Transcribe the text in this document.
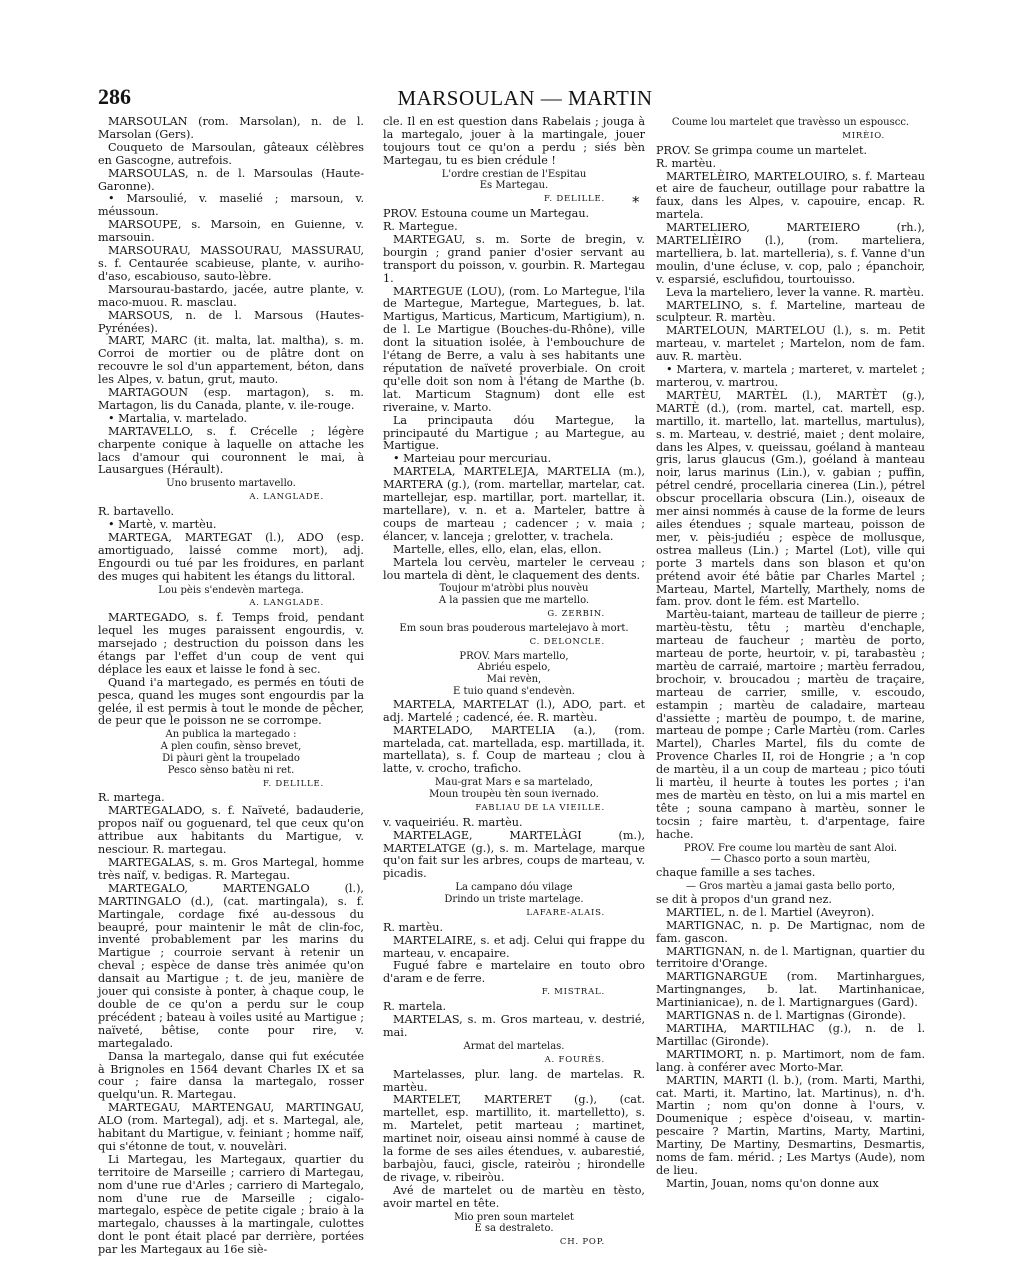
286	MARSOULAN — MARTIN
*

MARSOULAN (rom. Marsolan), n. de l. Marsolan (Gers).

Couqueto de Marsoulan, gâteaux célèbres en Gascogne, autrefois.

MARSOULAS, n. de l. Marsoulas (Haute-Garonne).

• Marsoulié, v. maselié ; marsoun, v. méussoun.

MARSOUPE, s. Marsoin, en Guienne, v. marsouin.

MARSOURAU, MASSOURAU, MASSURAU, s. f. Centaurée scabieuse, plante, v. auriho-d'aso, escabiouso, sauto-lèbre.

Marsourau-bastardo, jacée, autre plante, v. maco-muou. R. masclau.

MARSOUS, n. de l. Marsous (Hautes-Pyrénées).

MART, MARC (it. malta, lat. maltha), s. m. Corroi de mortier ou de plâtre dont on recouvre le sol d'un appartement, béton, dans les Alpes, v. batun, grut, mauto.

MARTAGOUN (esp. martagon), s. m. Martagon, lis du Canada, plante, v. ile-rouge.

• Martalia, v. martelado.

MARTAVELLO, s. f. Crécelle ; légère charpente conique à laquelle on attache les lacs d'amour qui couronnent le mai, à Lausargues (Hérault).

Uno brusento martavello.

A. LANGLADE.

R. bartavello.

• Martè, v. martèu.

MARTEGA, MARTEGAT (l.), ADO (esp. amortiguado, laissé comme mort), adj. Engourdi ou tué par les froidures, en parlant des muges qui habitent les étangs du littoral.

Lou pèis s'endevèn martega.

A. LANGLADE.

MARTEGADO, s. f. Temps froid, pendant lequel les muges paraissent engourdis, v. marsejado ; destruction du poisson dans les étangs par l'effet d'un coup de vent qui déplace les eaux et laisse le fond à sec.

Quand i'a martegado, es permés en tóuti de pesca, quand les muges sont engourdis par la gelée, il est permis à tout le monde de pêcher, de peur que le poisson ne se corrompe.

An publica la martegado :
A plen coufin, sènso brevet,
Di pàuri gènt la troupelado
Pesco sènso batèu ni ret.

F. DELILLE.

R. martega.

MARTEGALADO, s. f. Naïveté, badauderie, propos naïf ou goguenard, tel que ceux qu'on attribue aux habitants du Martigue, v. nesciour. R. martegau.

MARTEGALAS, s. m. Gros Martegal, homme très naïf, v. bedigas. R. Martegau.

MARTEGALO, MARTENGALO (l.), MARTINGALO (d.), (cat. martingala), s. f. Martingale, cordage fixé au-dessous du beaupré, pour maintenir le mât de clin-foc, inventé probablement par les marins du Martigue ; courroie servant à retenir un cheval ; espèce de danse très animée qu'on dansait au Martigue ; t. de jeu, manière de jouer qui consiste à ponter, à chaque coup, le double de ce qu'on a perdu sur le coup précédent ; bateau à voiles usité au Martigue ; naïveté, bêtise, conte pour rire, v. martegalado.

Dansa la martegalo, danse qui fut exécutée à Brignoles en 1564 devant Charles IX et sa cour ; faire dansa la martegalo, rosser quelqu'un. R. Martegau.

MARTEGAU, MARTENGAU, MARTINGAU, ALO (rom. Martegal), adj. et s. Martegal, ale, habitant du Martigue, v. feiniant ; homme naïf, qui s'étonne de tout, v. nouvelàri.

Li Martegau, les Martegaux, quartier du territoire de Marseille ; carriero di Martegau, nom d'une rue d'Arles ; carriero di Martegalo, nom d'une rue de Marseille ; cigalo-martegalo, espèce de petite cigale ; braio à la martegalo, chausses à la martingale, culottes dont le pont était placé par derrière, portées par les Martegaux au 16e siè-

cle. Il en est question dans Rabelais ; jouga à la martegalo, jouer à la martingale, jouer toujours tout ce qu'on a perdu ; siés bèn Martegau, tu es bien crédule !

L'ordre crestian de l'Espitau
Es Martegau.

F. DELILLE.

PROV. Estouna coume un Martegau.

R. Martegue.

MARTEGAU, s. m. Sorte de bregin, v. bourgin ; grand panier d'osier servant au transport du poisson, v. gourbin. R. Martegau 1.

MARTEGUE (LOU), (rom. Lo Martegue, l'ila de Martegue, Martegue, Martegues, b. lat. Martigus, Marticus, Marticum, Martigium), n. de l. Le Martigue (Bouches-du-Rhône), ville dont la situation isolée, à l'embouchure de l'étang de Berre, a valu à ses habitants une réputation de naïveté proverbiale. On croit qu'elle doit son nom à l'étang de Marthe (b. lat. Marticum Stagnum) dont elle est riveraine, v. Marto.

La principauta dóu Martegue, la principauté du Martigue ; au Martegue, au Martigue.

• Marteiau pour mercuriau.

MARTELA, MARTELEJA, MARTELIA (m.), MARTERA (g.), (rom. martellar, martelar, cat. martellejar, esp. martillar, port. martellar, it. martellare), v. n. et a. Marteler, battre à coups de marteau ; cadencer ; v. maia ; élancer, v. lanceja ; grelotter, v. trachela.

Martelle, elles, ello, elan, elas, ellon.

Martela lou cervèu, marteler le cerveau ; lou martela di dènt, le claquement des dents.

Toujour m'atròbi plus nouvèu
A la passien que me martello.

G. ZERBIN.

Em soun bras pouderous martelejavo à mort.

C. DELONCLE.

PROV. Mars martello,
Abriéu espelo,
Mai revèn,
E tuio quand s'endevèn.

MARTELA, MARTELAT (l.), ADO, part. et adj. Martelé ; cadencé, ée. R. martèu.

MARTELADO, MARTELIA (a.), (rom. martelada, cat. martellada, esp. martillada, it. martellata), s. f. Coup de marteau ; clou à latte, v. crocho, traficho.

Mau-grat Mars e sa martelado,
Moun troupèu tèn soun ivernado.

FABLIAU DE LA VIEILLE.

v. vaqueiriéu. R. martèu.

MARTELAGE, MARTELÀGI (m.), MARTELATGE (g.), s. m. Martelage, marque qu'on fait sur les arbres, coups de marteau, v. picadis.

La campano dóu vilage
Drindo un triste martelage.

LAFARE-ALAIS.

R. martèu.

MARTELAIRE, s. et adj. Celui qui frappe du marteau, v. encapaire.

Fugué fabre e martelaire en touto obro d'aram e de ferre.

F. MISTRAL.

R. martela.

MARTELAS, s. m. Gros marteau, v. destrié, mai.

Armat del martelas.

A. FOURÈS.

Martelasses, plur. lang. de martelas. R. martèu.

MARTELET, MARTERET (g.), (cat. martellet, esp. martillito, it. martelletto), s. m. Martelet, petit marteau ; martinet, martinet noir, oiseau ainsi nommé à cause de la forme de ses ailes étendues, v. aubarestié, barbajòu, fauci, giscle, rateiròu ; hirondelle de rivage, v. ribeiròu.

Avé de martelet ou de martèu en tèsto, avoir martel en tête.

Mio pren soun martelet
E sa destraleto.

CH. POP.

Coume lou martelet que travèsso un espouscc.

MIRÈIO.

PROV. Se grimpa coume un martelet.

R. martèu.

MARTELÈIRO, MARTELOUIRO, s. f. Marteau et aire de faucheur, outillage pour rabattre la faux, dans les Alpes, v. capouire, encap. R. martela.

MARTELIERO, MARTEIERO (rh.), MARTELIÈIRO (l.), (rom. marteliera, martelliera, b. lat. martelleria), s. f. Vanne d'un moulin, d'une écluse, v. cop, palo ; épanchoir, v. esparsié, esclufidou, tourtouisso.

Leva la marteliero, lever la vanne. R. martèu.

MARTELINO, s. f. Marteline, marteau de sculpteur. R. martèu.

MARTELOUN, MARTELOU (l.), s. m. Petit marteau, v. martelet ; Martelon, nom de fam. auv. R. martèu.

• Martera, v. martela ; marteret, v. martelet ; marterou, v. martrou.

MARTÈU, MARTÈL (l.), MARTÈT (g.), MARTÈ (d.), (rom. martel, cat. martell, esp. martillo, it. martello, lat. martellus, martulus), s. m. Marteau, v. destrié, maiet ; dent molaire, dans les Alpes, v. queissau, goéland à manteau gris, larus glaucus (Gm.), goéland à manteau noir, larus marinus (Lin.), v. gabian ; puffin, pétrel cendré, procellaria cinerea (Lin.), pétrel obscur procellaria obscura (Lin.), oiseaux de mer ainsi nommés à cause de la forme de leurs ailes étendues ; squale marteau, poisson de mer, v. pèis-judiéu ; espèce de mollusque, ostrea malleus (Lin.) ; Martel (Lot), ville qui porte 3 martels dans son blason et qu'on prétend avoir été bâtie par Charles Martel ; Marteau, Martel, Martelly, Marthely, noms de fam. prov. dont le fém. est Martello.

Martèu-taiant, marteau de tailleur de pierre ; martèu-tèstu, têtu ; martèu d'enchaple, marteau de faucheur ; martèu de porto, marteau de porte, heurtoir, v. pi, tarabastèu ; martèu de carraié, martoire ; martèu ferradou, brochoir, v. broucadou ; martèu de traçaire, marteau de carrier, smille, v. escoudo, estampin ; martèu de caladaire, marteau d'assiette ; martèu de poumpo, t. de marine, marteau de pompe ; Carle Martèu (rom. Carles Martel), Charles Martel, fils du comte de Provence Charles II, roi de Hongrie ; a 'n cop de martèu, il a un coup de marteau ; pico tóuti li martèu, il heurte à toutes les portes ; i'an mes de martèu en tèsto, on lui a mis martel en tête ; souna campano à martèu, sonner le tocsin ; faire martèu, t. d'arpentage, faire hache.

PROV. Fre coume lou martèu de sant Aloi.
— Chasco porto a soun martèu,

chaque famille a ses taches.

— Gros martèu a jamai gasta bello porto,

se dit à propos d'un grand nez.

MARTIEL, n. de l. Martiel (Aveyron).

MARTIGNAC, n. p. De Martignac, nom de fam. gascon.

MARTIGNAN, n. de l. Martignan, quartier du territoire d'Orange.

MARTIGNARGUE (rom. Martinhargues, Martingnanges, b. lat. Martinhanicae, Martinianicae), n. de l. Martignargues (Gard).

MARTIGNAS n. de l. Martignas (Gironde).

MARTIHA, MARTILHAC (g.), n. de l. Martillac (Gironde).

MARTIMORT, n. p. Martimort, nom de fam. lang. à conférer avec Morto-Mar.

MARTIN, MARTI (l. b.), (rom. Marti, Marthi, cat. Marti, it. Martino, lat. Martinus), n. d'h. Martin ; nom qu'on donne à l'ours, v. Doumenique ; espèce d'oiseau, v. martin-pescaire ? Martin, Martins, Marty, Martini, Martiny, De Martiny, Desmartins, Desmartis, noms de fam. mérid. ; Les Martys (Aude), nom de lieu.

Martin, Jouan, noms qu'on donne aux
